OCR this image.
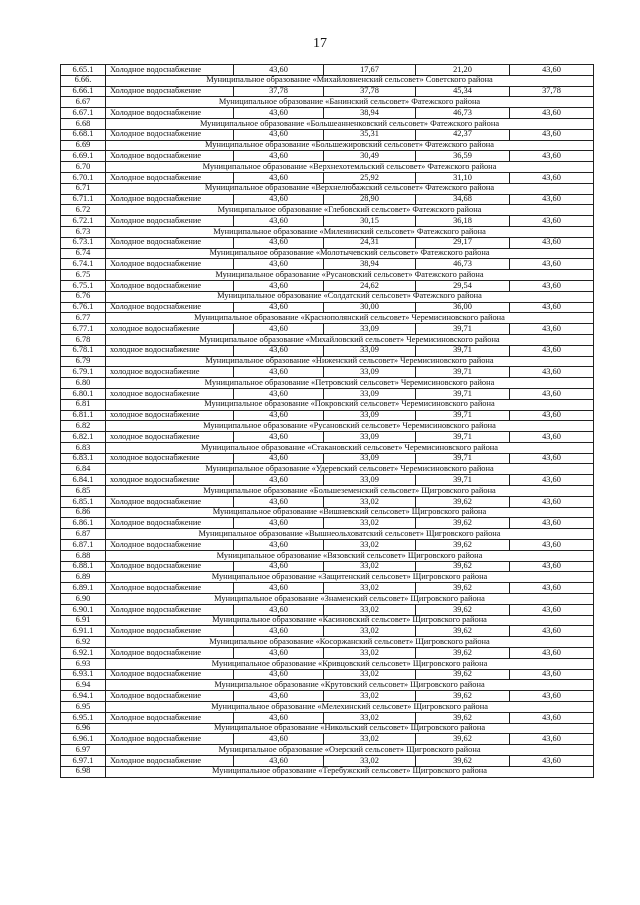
17
6.65.1	Холодное водоснабжение	43,60	17,67	21,20	43,60
6.66.	Муниципальное образование «Михайловненский сельсовет» Советского района				
6.66.1	Холодное водоснабжение	37,78	37,78	45,34	37,78
6.67	Муниципальное образование «Банинский сельсовет» Фатежского района				
6.67.1	Холодное водоснабжение	43,60	38,94	46,73	43,60
6.68	Муниципальное образование «Большеанненковский сельсовет» Фатежского района				
6.68.1	Холодное водоснабжение	43,60	35,31	42,37	43,60
6.69	Муниципальное образование «Большежировский сельсовет» Фатежского района				
6.69.1	Холодное водоснабжение	43,60	30,49	36,59	43,60
6.70	Муниципальное образование «Верхнехотемльский сельсовет» Фатежского района				
6.70.1	Холодное водоснабжение	43,60	25,92	31,10	43,60
6.71	Муниципальное образование «Верхнелюбажский сельсовет» Фатежского района				
6.71.1	Холодное водоснабжение	43,60	28,90	34,68	43,60
6.72	Муниципальное образование «Глебовский сельсовет» Фатежского района				
6.72.1	Холодное водоснабжение	43,60	30,15	36,18	43,60
6.73	Муниципальное образование «Миленинский сельсовет» Фатежского района				
6.73.1	Холодное водоснабжение	43,60	24,31	29,17	43,60
6.74	Муниципальное образование «Молотычевский сельсовет» Фатежского района				
6.74.1	Холодное водоснабжение	43,60	38,94	46,73	43,60
6.75	Муниципальное образование «Русановский сельсовет» Фатежского района				
6.75.1	Холодное водоснабжение	43,60	24,62	29,54	43,60
6.76	Муниципальное образование «Солдатский сельсовет» Фатежского района				
6.76.1	Холодное водоснабжение	43,60	30,00	36,00	43,60
6.77	Муниципальное образование «Краснополянский сельсовет» Черемисиновского района				
6.77.1	холодное водоснабжение	43,60	33,09	39,71	43,60
6.78	Муниципальное образование «Михайловский сельсовет» Черемисиновского района				
6.78.1	холодное водоснабжение	43,60	33,09	39,71	43,60
6.79	Муниципальное образование «Ниженский сельсовет» Черемисиновского района				
6.79.1	холодное водоснабжение	43,60	33,09	39,71	43,60
6.80	Муниципальное образование «Петровский сельсовет» Черемисиновского района				
6.80.1	холодное водоснабжение	43,60	33,09	39,71	43,60
6.81	Муниципальное образование «Покровский сельсовет» Черемисиновского района				
6.81.1	холодное водоснабжение	43,60	33,09	39,71	43,60
6.82	Муниципальное образование «Русановский сельсовет» Черемисиновского района				
6.82.1	холодное водоснабжение	43,60	33,09	39,71	43,60
6.83	Муниципальное образование «Стакановский сельсовет» Черемисиновского района				
6.83.1	холодное водоснабжение	43,60	33,09	39,71	43,60
6.84	Муниципальное образование «Удеревский сельсовет» Черемисиновского района				
6.84.1	холодное водоснабжение	43,60	33,09	39,71	43,60
6.85	Муниципальное образование «Большеземенский сельсовет» Щигровского района				
6.85.1	Холодное водоснабжение	43,60	33,02	39,62	43,60
6.86	Муниципальное образование «Вишневский сельсовет» Щигровского района				
6.86.1	Холодное водоснабжение	43,60	33,02	39,62	43,60
6.87	Муниципальное образование «Вышнеольховатский сельсовет» Щигровского района				
6.87.1	Холодное водоснабжение	43,60	33,02	39,62	43,60
6.88	Муниципальное образование «Вязовский сельсовет» Щигровского района				
6.88.1	Холодное водоснабжение	43,60	33,02	39,62	43,60
6.89	Муниципальное образование «Защитенский сельсовет» Щигровского района				
6.89.1	Холодное водоснабжение	43,60	33,02	39,62	43,60
6.90	Муниципальное образование «Знаменский сельсовет» Щигровского района				
6.90.1	Холодное водоснабжение	43,60	33,02	39,62	43,60
6.91	Муниципальное образование «Касиновский сельсовет» Щигровского района				
6.91.1	Холодное водоснабжение	43,60	33,02	39,62	43,60
6.92	Муниципальное образование «Косоржанский сельсовет» Щигровского района				
6.92.1	Холодное водоснабжение	43,60	33,02	39,62	43,60
6.93	Муниципальное образование «Кривцовский сельсовет» Щигровского района				
6.93.1	Холодное водоснабжение	43,60	33,02	39,62	43,60
6.94	Муниципальное образование «Крутовский сельсовет» Щигровского района				
6.94.1	Холодное водоснабжение	43,60	33,02	39,62	43,60
6.95	Муниципальное образование «Мелехинский сельсовет» Щигровского района				
6.95.1	Холодное водоснабжение	43,60	33,02	39,62	43,60
6.96	Муниципальное образование «Никольский сельсовет» Щигровского района				
6.96.1	Холодное водоснабжение	43,60	33,02	39,62	43,60
6.97	Муниципальное образование «Озерский сельсовет» Щигровского района				
6.97.1	Холодное водоснабжение	43,60	33,02	39,62	43,60
6.98	Муниципальное образование «Теребужский сельсовет» Щигровского района				
